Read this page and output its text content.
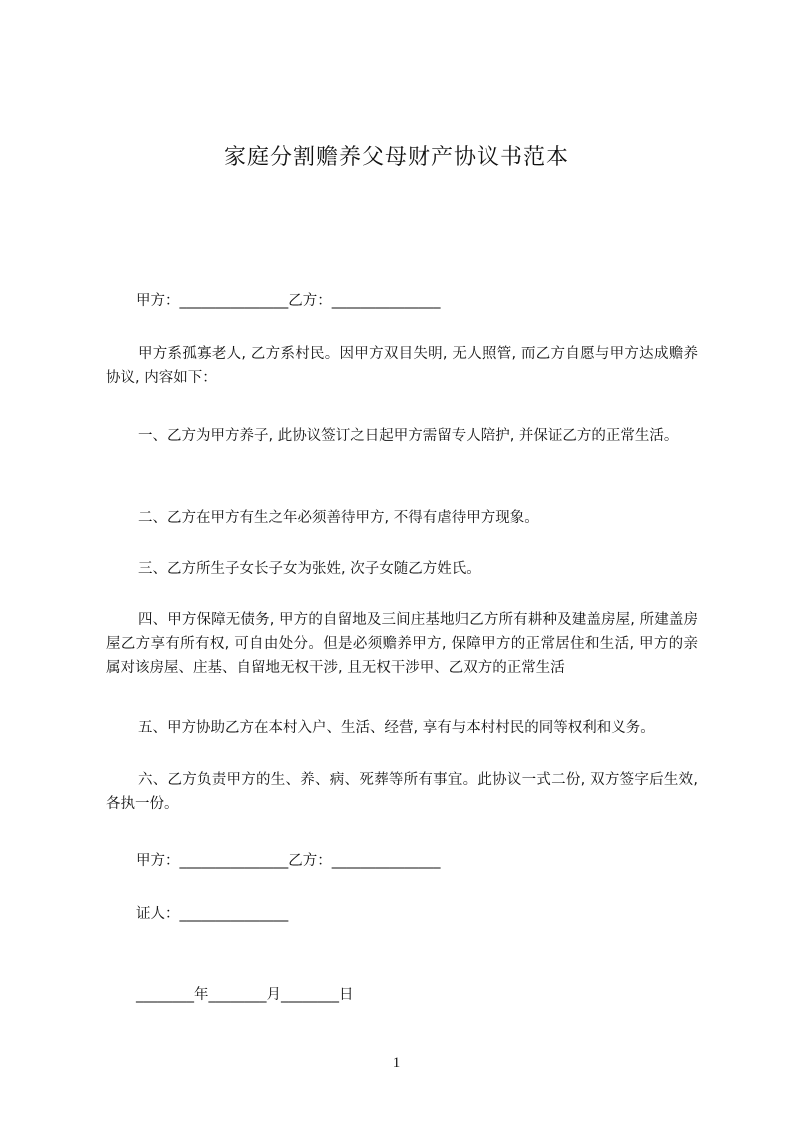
家庭分割赡养父母财产协议书范本

甲方：_______________乙方：_______________

甲方系孤寡老人, 乙方系村民。因甲方双目失明, 无人照管, 而乙方自愿与甲方达成赡养协议, 内容如下：

一、乙方为甲方养子, 此协议签订之日起甲方需留专人陪护, 并保证乙方的正常生活。

二、乙方在甲方有生之年必须善待甲方, 不得有虐待甲方现象。

三、乙方所生子女长子女为张姓, 次子女随乙方姓氏。

四、甲方保障无债务, 甲方的自留地及三间庄基地归乙方所有耕种及建盖房屋, 所建盖房屋乙方享有所有权, 可自由处分。但是必须赡养甲方, 保障甲方的正常居住和生活, 甲方的亲属对该房屋、庄基、自留地无权干涉, 且无权干涉甲、乙双方的正常生活

五、甲方协助乙方在本村入户、生活、经营, 享有与本村村民的同等权利和义务。

六、乙方负责甲方的生、养、病、死葬等所有事宜。此协议一式二份, 双方签字后生效, 各执一份。

甲方：_______________乙方：_______________

证人：_______________

________年________月________日

1
